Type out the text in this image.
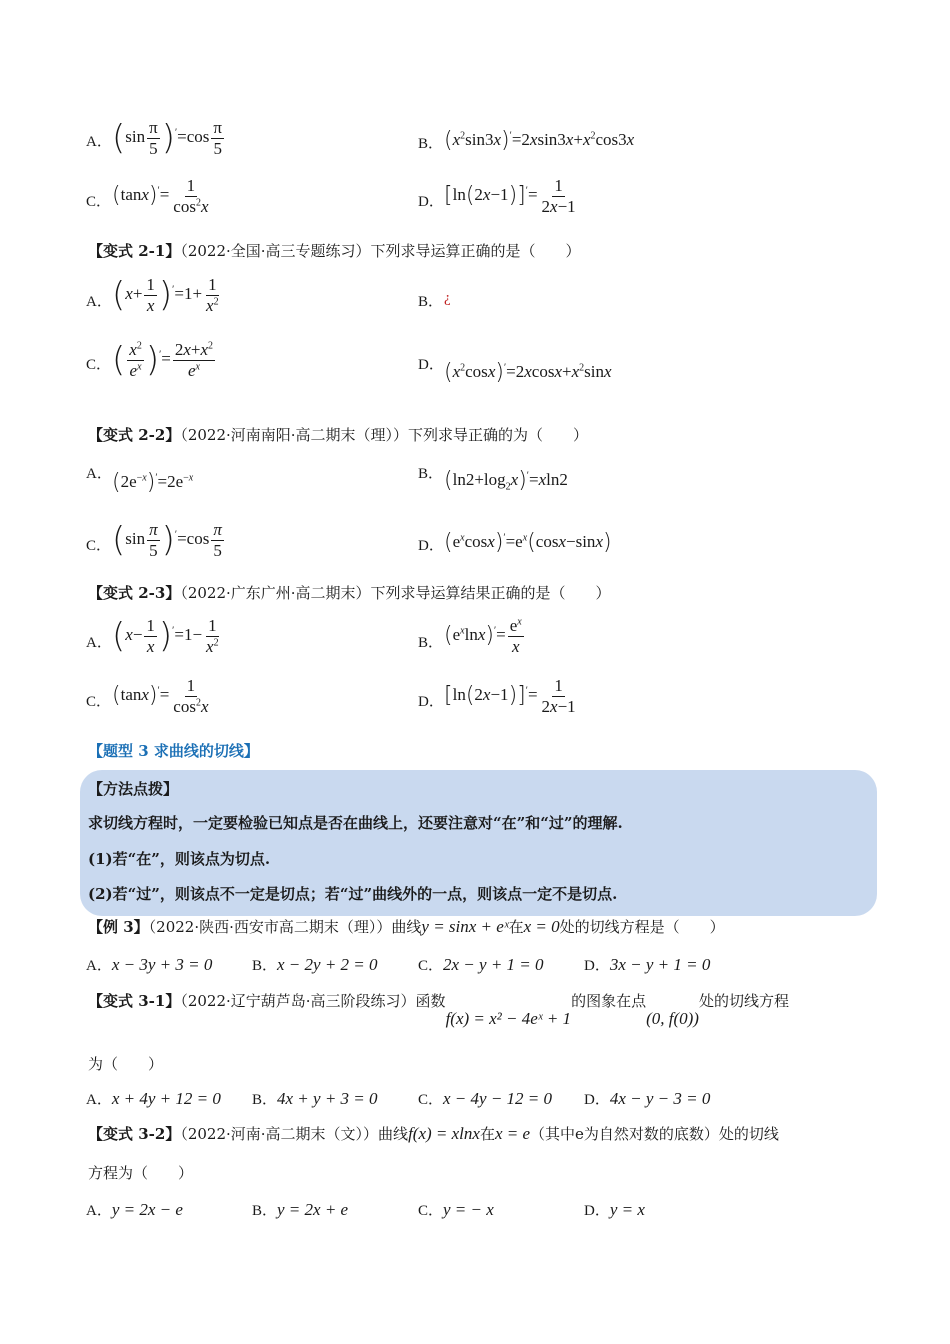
A． $(\sin \frac{\pi}{5} )'=\cos \frac{\pi}{5}$	B． $(x^2\sin 3x)'=2xsin3x+x^2\cos 3x$
C． $(\tan x)'= \frac{1}{\cos^2x}$	D． $[\ln(2x-1)]'= \frac{1}{2x-1}$
【变式 2-1】（2022·全国·高三专题练习）下列求导运算正确的是（　　）
A． $(x+ \frac{1}{x} )'=1+ \frac{1}{x^2}$	B． ¿
C． ( $\frac{x^2}{e^x} )'= \frac{2x+x^2}{e^x}$	D． $(x^2\cos x)'=2xcosx+x^2\sin x$
【变式 2-2】（2022·河南南阳·高二期末（理））下列求导正确的为（　　）
A． $(2e^{-x})'=2e^{-x}$	B． $(\ln 2+\log_2x)'=xln2$
C． $(\sin \frac{\pi}{5} )'=\cos \frac{\pi}{5}$	D． $(e^x\cos x)'=e^x(\cos x-\sin x)$
【变式 2-3】（2022·广东广州·高二期末）下列求导运算结果正确的是（　　）
A． $(x- \frac{1}{x} )'=1- \frac{1}{x^2}$	B． $(e^x\ln x)'= \frac{e^x}{x}$
C． $(\tan x)'= \frac{1}{\cos^2x}$	D． $[\ln(2x-1)]'= \frac{1}{2x-1}$
【题型 3 求曲线的切线】
【方法点拨】
求切线方程时，一定要检验已知点是否在曲线上，还要注意对“在”和“过”的理解.
(1)若“在”，则该点为切点.
(2)若“过”，则该点不一定是切点；若“过”曲线外的一点，则该点一定不是切点.
【例 3】（2022·陕西·西安市高二期末（理））曲线y = sinx + eˣ在x = 0处的切线方程是（　　）
A．x − 3y + 3 = 0	B．x − 2y + 2 = 0	C．2x − y + 1 = 0	D．3x − y + 1 = 0
【变式 3-1】（2022·辽宁葫芦岛·高三阶段练习）函数f(x) = x² − 4eˣ + 1的图象在点(0, f(0))处的切线方程
为（　　）
A．x + 4y + 12 = 0 B．4x + y + 3 = 0	C．x − 4y − 12 = 0 D．4x − y − 3 = 0
【变式 3-2】（2022·河南·高二期末（文））曲线f(x) = xlnx在x = e（其中e为自然对数的底数）处的切线
方程为（　　）
A．y = 2x − e	B．y = 2x + e	C．y = − x	D．y = x
